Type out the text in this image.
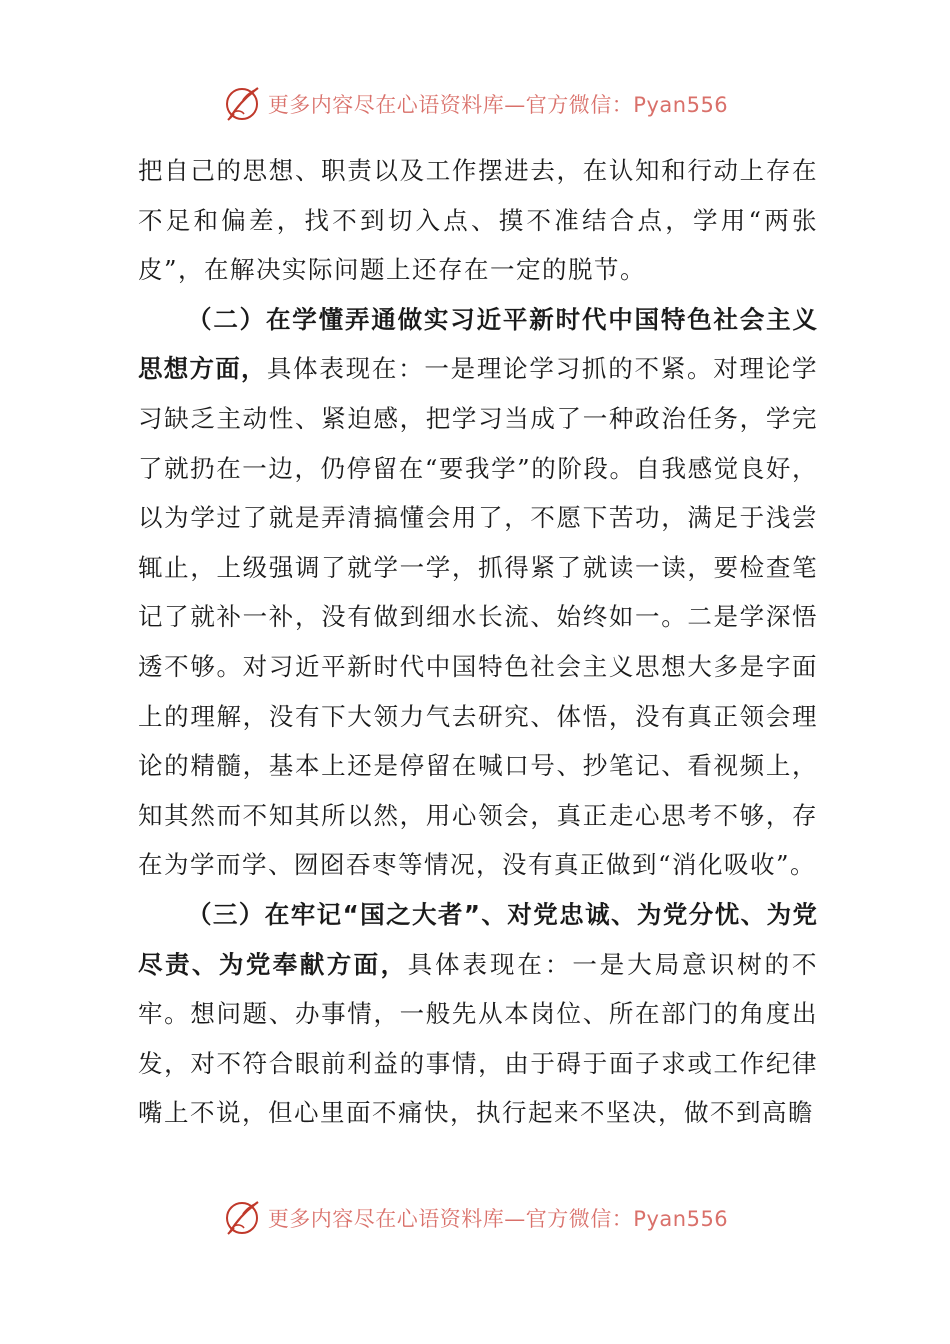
更多内容尽在心语资料库—官方微信：Pyan556

把自己的思想、职责以及工作摆进去，在认知和行动上存在不足和偏差，找不到切入点、摸不准结合点，学用“两张皮”，在解决实际问题上还存在一定的脱节。

（二）在学懂弄通做实习近平新时代中国特色社会主义思想方面，具体表现在：一是理论学习抓的不紧。对理论学习缺乏主动性、紧迫感，把学习当成了一种政治任务，学完了就扔在一边，仍停留在“要我学”的阶段。自我感觉良好，以为学过了就是弄清搞懂会用了，不愿下苦功，满足于浅尝辄止，上级强调了就学一学，抓得紧了就读一读，要检查笔记了就补一补，没有做到细水长流、始终如一。二是学深悟透不够。对习近平新时代中国特色社会主义思想大多是字面上的理解，没有下大领力气去研究、体悟，没有真正领会理论的精髓，基本上还是停留在喊口号、抄笔记、看视频上，知其然而不知其所以然，用心领会，真正走心思考不够，存在为学而学、囫囵吞枣等情况，没有真正做到“消化吸收”。

（三）在牢记“国之大者”、对党忠诚、为党分忧、为党尽责、为党奉献方面，具体表现在：一是大局意识树的不牢。想问题、办事情，一般先从本岗位、所在部门的角度出发，对不符合眼前利益的事情，由于碍于面子求或工作纪律嘴上不说，但心里面不痛快，执行起来不坚决，做不到高瞻

更多内容尽在心语资料库—官方微信：Pyan556
